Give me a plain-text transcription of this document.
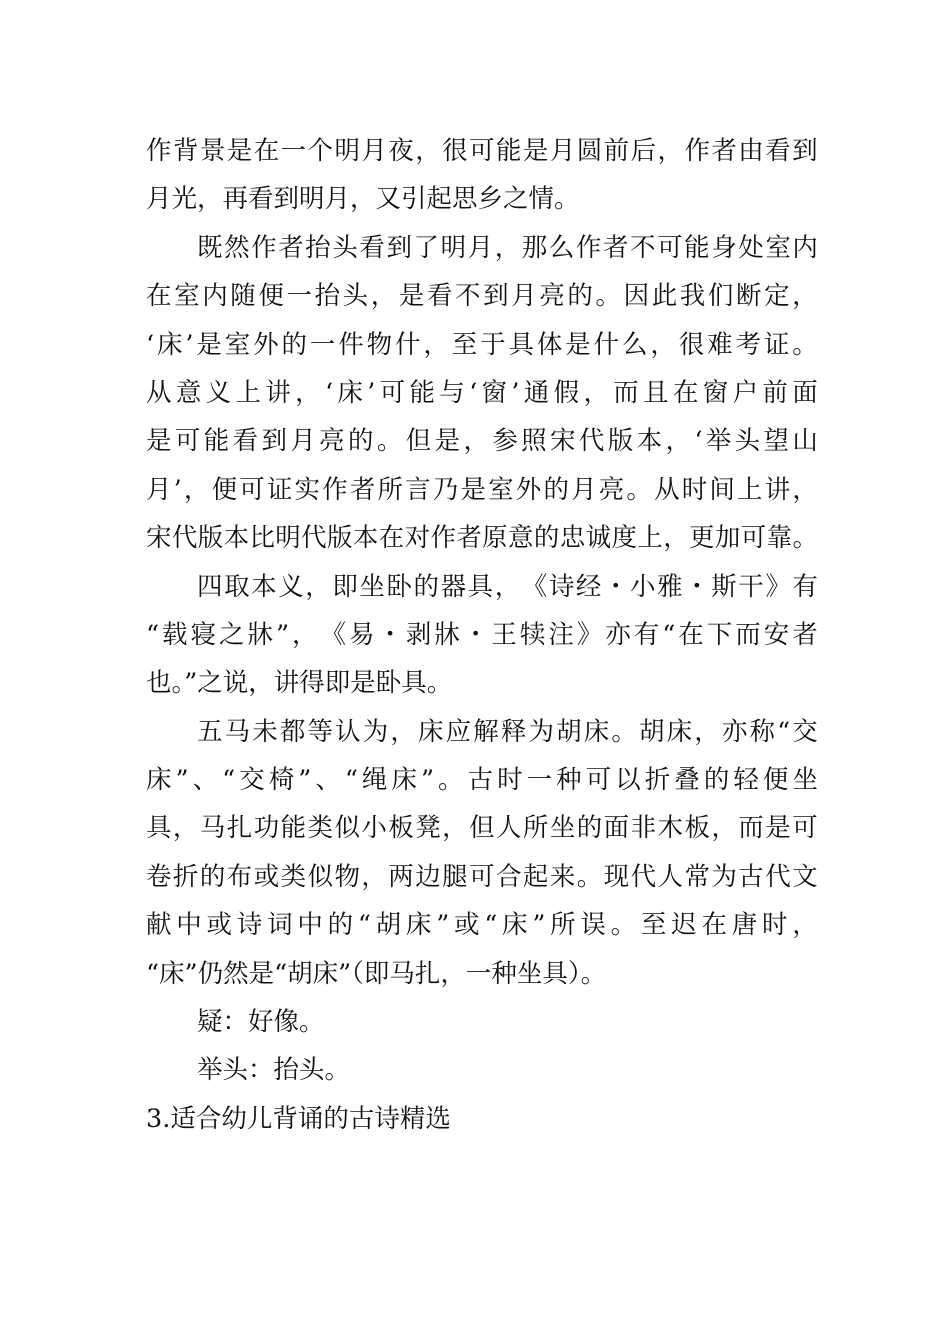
作 背 景 是 在 一 个 明 月 夜 ， 很 可 能 是 月 圆 前 后 ， 作 者 由 看 到
月光，再看到明月，又引起思乡之情。
既 然 作 者 抬 头 看 到 了 明 月 ， 那 么 作 者 不 可 能 身 处 室 内
在 室 内 随 便 一 抬 头 ， 是 看 不 到 月 亮 的 。 因 此 我 们 断 定 ，
‘ 床 ’ 是 室 外 的 一 件 物 什 ， 至 于 具 体 是 什 么 ， 很 难 考 证 。
从 意 义 上 讲 ， ‘ 床 ’ 可 能 与 ‘ 窗 ’ 通 假 ， 而 且 在 窗 户 前 面
是 可 能 看 到 月 亮 的 。 但 是 ， 参 照 宋 代 版 本 ， ‘ 举 头 望 山
月 ’ ， 便 可 证 实 作 者 所 言 乃 是 室 外 的 月 亮 。 从 时 间 上 讲 ，
宋 代 版 本 比 明 代 版 本 在 对 作 者 原 意 的 忠 诚 度 上 ， 更 加 可 靠 。
四 取 本 义 ， 即 坐 卧 的 器 具 ， 《 诗 经 ・ 小 雅 ・ 斯 干 》 有
“ 载 寝 之 牀 ” ， 《 易 ・ 剥 牀 ・ 王 犊 注 》 亦 有 “ 在 下 而 安 者
也。”之说，讲得即是卧具。
五 马 未 都 等 认 为 ， 床 应 解 释 为 胡 床 。 胡 床 ， 亦 称 “ 交
床 ” 、 “ 交 椅 ” 、 “ 绳 床 ” 。 古 时 一 种 可 以 折 叠 的 轻 便 坐
具 ， 马 扎 功 能 类 似 小 板 凳 ， 但 人 所 坐 的 面 非 木 板 ， 而 是 可
卷 折 的 布 或 类 似 物 ， 两 边 腿 可 合 起 来 。 现 代 人 常 为 古 代 文
献 中 或 诗 词 中 的 “ 胡 床 ” 或 “ 床 ” 所 误 。 至 迟 在 唐 时 ，
“床”仍然是“胡床”（即马扎，一种坐具）。
疑：好像。
举头：抬头。
3.适合幼儿背诵的古诗精选
